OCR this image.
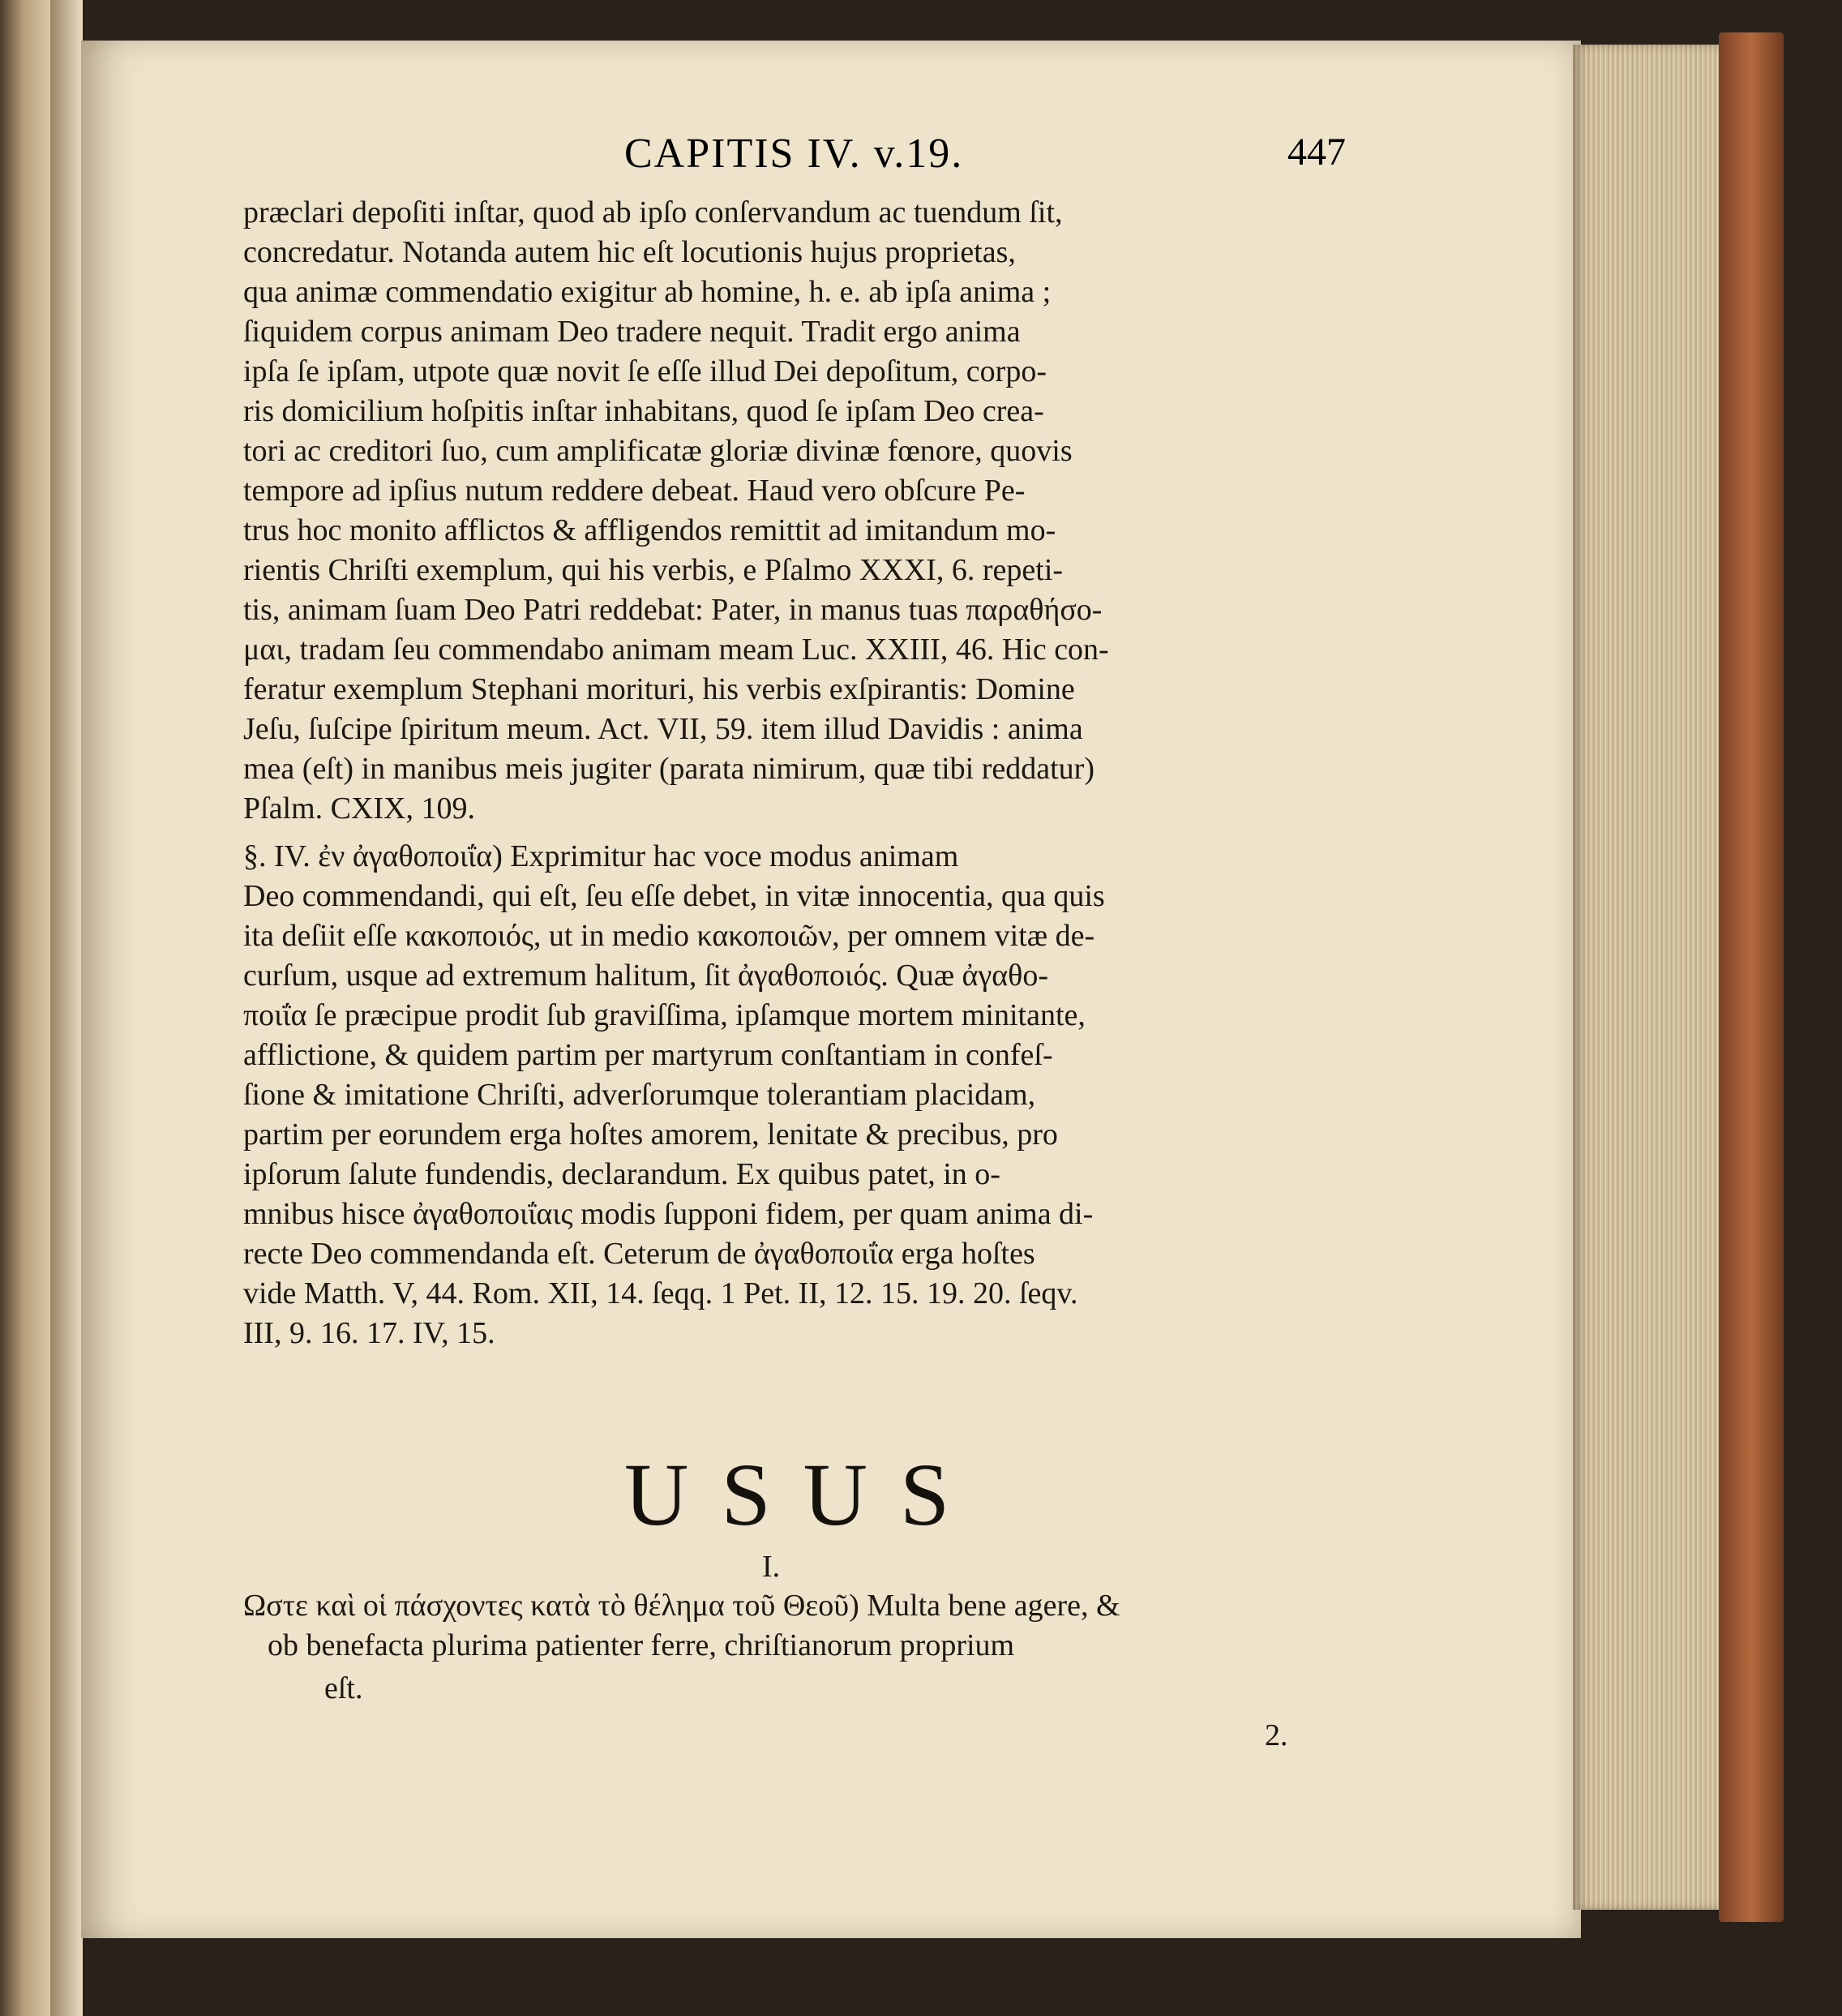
CAPITIS IV. v.19.	447
præclari depoſiti inſtar, quod ab ipſo conſervandum ac tuendum ſit,
concredatur. Notanda autem hic eſt locutionis hujus proprietas,
qua animæ commendatio exigitur ab homine, h. e. ab ipſa anima ;
ſiquidem corpus animam Deo tradere nequit. Tradit ergo anima
ipſa ſe ipſam, utpote quæ novit ſe eſſe illud Dei depoſitum, corpo-
ris domicilium hoſpitis inſtar inhabitans, quod ſe ipſam Deo crea-
tori ac creditori ſuo, cum amplificatæ gloriæ divinæ fœnore, quovis
tempore ad ipſius nutum reddere debeat. Haud vero obſcure Pe-
trus hoc monito afflictos & affligendos remittit ad imitandum mo-
rientis Chriſti exemplum, qui his verbis, e Pſalmo XXXI, 6. repeti-
tis, animam ſuam Deo Patri reddebat: Pater, in manus tuas παραθήσο-
μαι, tradam ſeu commendabo animam meam Luc. XXIII, 46. Hic con-
feratur exemplum Stephani morituri, his verbis exſpirantis: Domine
Jeſu, ſuſcipe ſpiritum meum. Act. VII, 59. item illud Davidis : anima
mea (eſt) in manibus meis jugiter (parata nimirum, quæ tibi reddatur)
Pſalm. CXIX, 109.
§. IV. ἐν ἀγαθοποιΐα) Exprimitur hac voce modus animam
Deo commendandi, qui eſt, ſeu eſſe debet, in vitæ innocentia, qua quis
ita deſiit eſſe κακοποιός, ut in medio κακοποιῶν, per omnem vitæ de-
curſum, usque ad extremum halitum, ſit ἀγαθοποιός. Quæ ἀγαθο-
ποιΐα ſe præcipue prodit ſub graviſſima, ipſamque mortem minitante,
afflictione, & quidem partim per martyrum conſtantiam in confeſ-
ſione & imitatione Chriſti, adverſorumque tolerantiam placidam,
partim per eorundem erga hoſtes amorem, lenitate & precibus, pro
ipſorum ſalute fundendis, declarandum. Ex quibus patet, in o-
mnibus hisce ἀγαθοποιΐαις modis ſupponi fidem, per quam anima di-
recte Deo commendanda eſt. Ceterum de ἀγαθοποιΐα erga hoſtes
vide Matth. V, 44. Rom. XII, 14. ſeqq. 1 Pet. II, 12. 15. 19. 20. ſeqv.
III, 9. 16. 17. IV, 15.
USUS
I.
Ωστε καὶ οἱ πάσχοντες κατὰ τὸ θέλημα τοῦ Θεοῦ) Multa bene agere, &
ob benefacta plurima patienter ferre, chriſtianorum proprium
eſt.
2.
